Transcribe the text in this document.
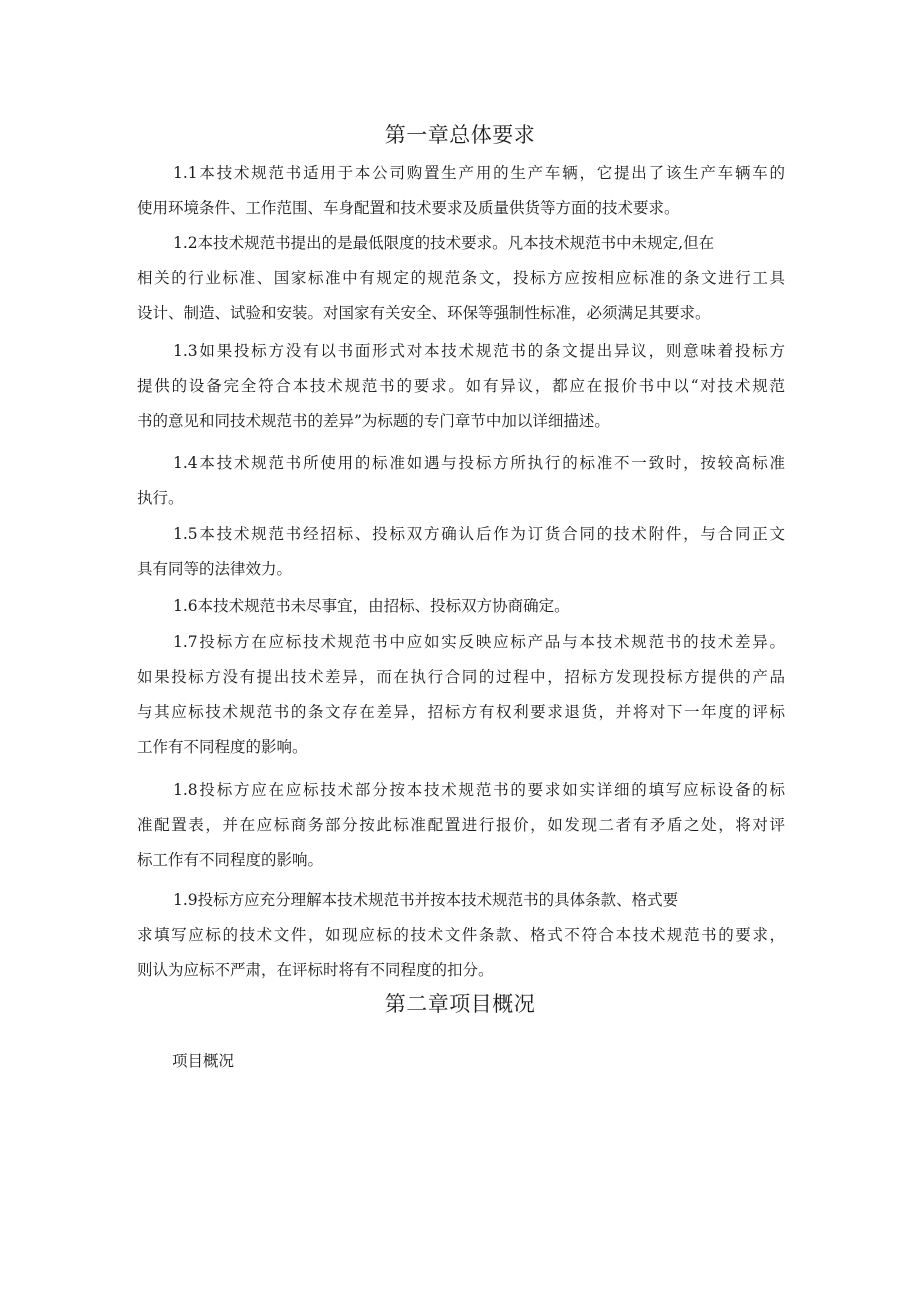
第一章总体要求
1.1本技术规范书适用于本公司购置生产用的生产车辆，它提出了该生产车辆车的
使用环境条件、工作范围、车身配置和技术要求及质量供货等方面的技术要求。
1.2本技术规范书提出的是最低限度的技术要求。凡本技术规范书中未规定,但在
相关的行业标准、国家标准中有规定的规范条文，投标方应按相应标准的条文进行工具
设计、制造、试验和安装。对国家有关安全、环保等强制性标准，必须满足其要求。
1.3如果投标方没有以书面形式对本技术规范书的条文提出异议，则意味着投标方
提供的设备完全符合本技术规范书的要求。如有异议，都应在报价书中以“对技术规范
书的意见和同技术规范书的差异”为标题的专门章节中加以详细描述。
1.4本技术规范书所使用的标准如遇与投标方所执行的标准不一致时，按较高标准
执行。
1.5本技术规范书经招标、投标双方确认后作为订货合同的技术附件，与合同正文
具有同等的法律效力。
1.6本技术规范书未尽事宜，由招标、投标双方协商确定。
1.7投标方在应标技术规范书中应如实反映应标产品与本技术规范书的技术差异。
如果投标方没有提出技术差异，而在执行合同的过程中，招标方发现投标方提供的产品
与其应标技术规范书的条文存在差异，招标方有权利要求退货，并将对下一年度的评标
工作有不同程度的影响。
1.8投标方应在应标技术部分按本技术规范书的要求如实详细的填写应标设备的标
准配置表，并在应标商务部分按此标准配置进行报价，如发现二者有矛盾之处，将对评
标工作有不同程度的影响。
1.9投标方应充分理解本技术规范书并按本技术规范书的具体条款、格式要
求填写应标的技术文件，如现应标的技术文件条款、格式不符合本技术规范书的要求，
则认为应标不严肃，在评标时将有不同程度的扣分。
第二章项目概况
项目概况
